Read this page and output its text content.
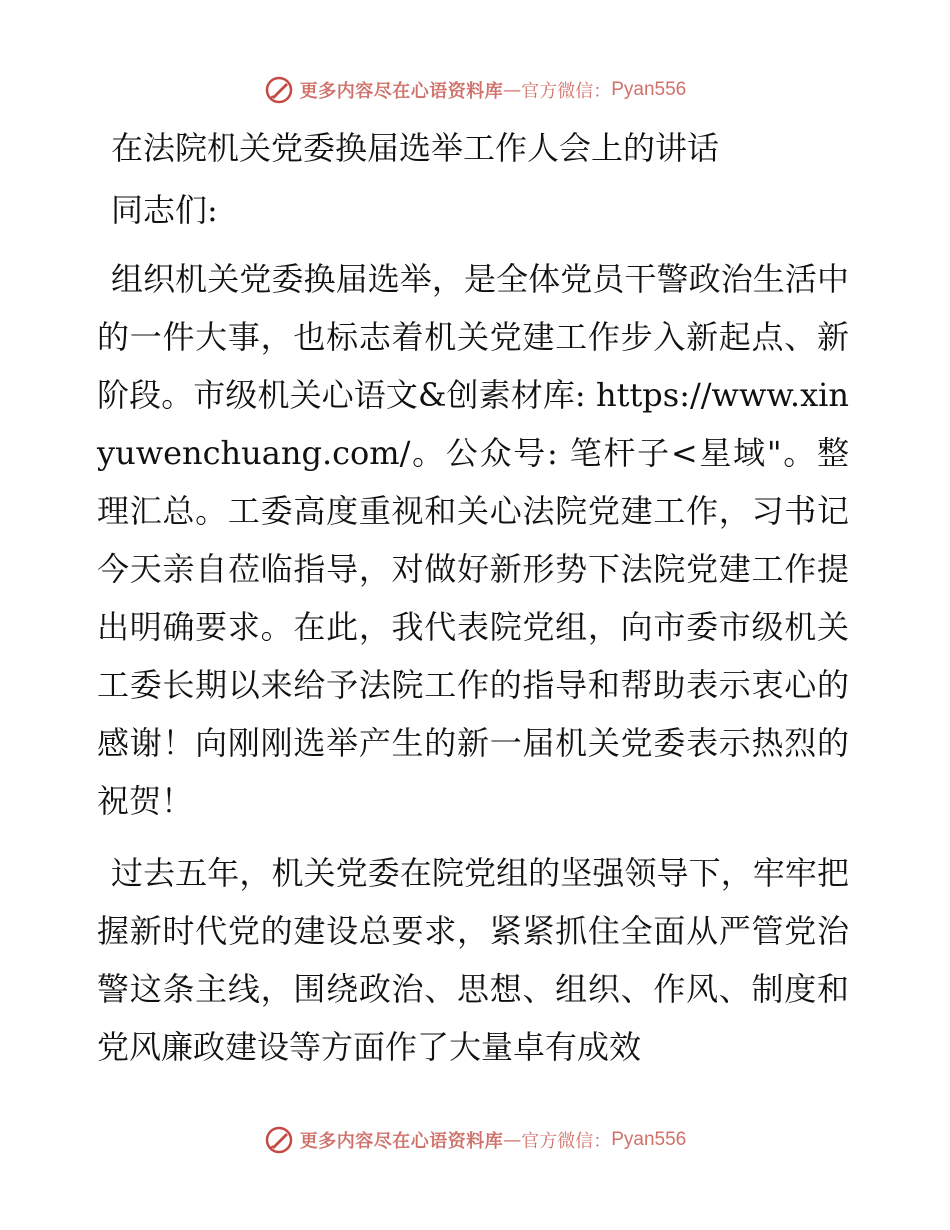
更多内容尽在心语资料库 — 官方微信： Pyan556
在法院机关党委换届选举工作人会上的讲话
同志们:

组织机关党委换届选举，是全体党员干警政治生活中的一件大事，也标志着机关党建工作步入新起点、新阶段。市级机关心语文&创素材库: https://www.xinyuwenchuang.com/。公众号: 笔杆子<星域"。整理汇总。工委高度重视和关心法院党建工作，习书记今天亲自莅临指导，对做好新形势下法院党建工作提出明确要求。在此，我代表院党组，向市委市级机关工委长期以来给予法院工作的指导和帮助表示衷心的感谢！向刚刚选举产生的新一届机关党委表示热烈的祝贺！

过去五年，机关党委在院党组的坚强领导下，牢牢把握新时代党的建设总要求，紧紧抓住全面从严管党治警这条主线，围绕政治、思想、组织、作风、制度和党风廉政建设等方面作了大量卓有成效

更多内容尽在心语资料库 — 官方微信： Pyan556
